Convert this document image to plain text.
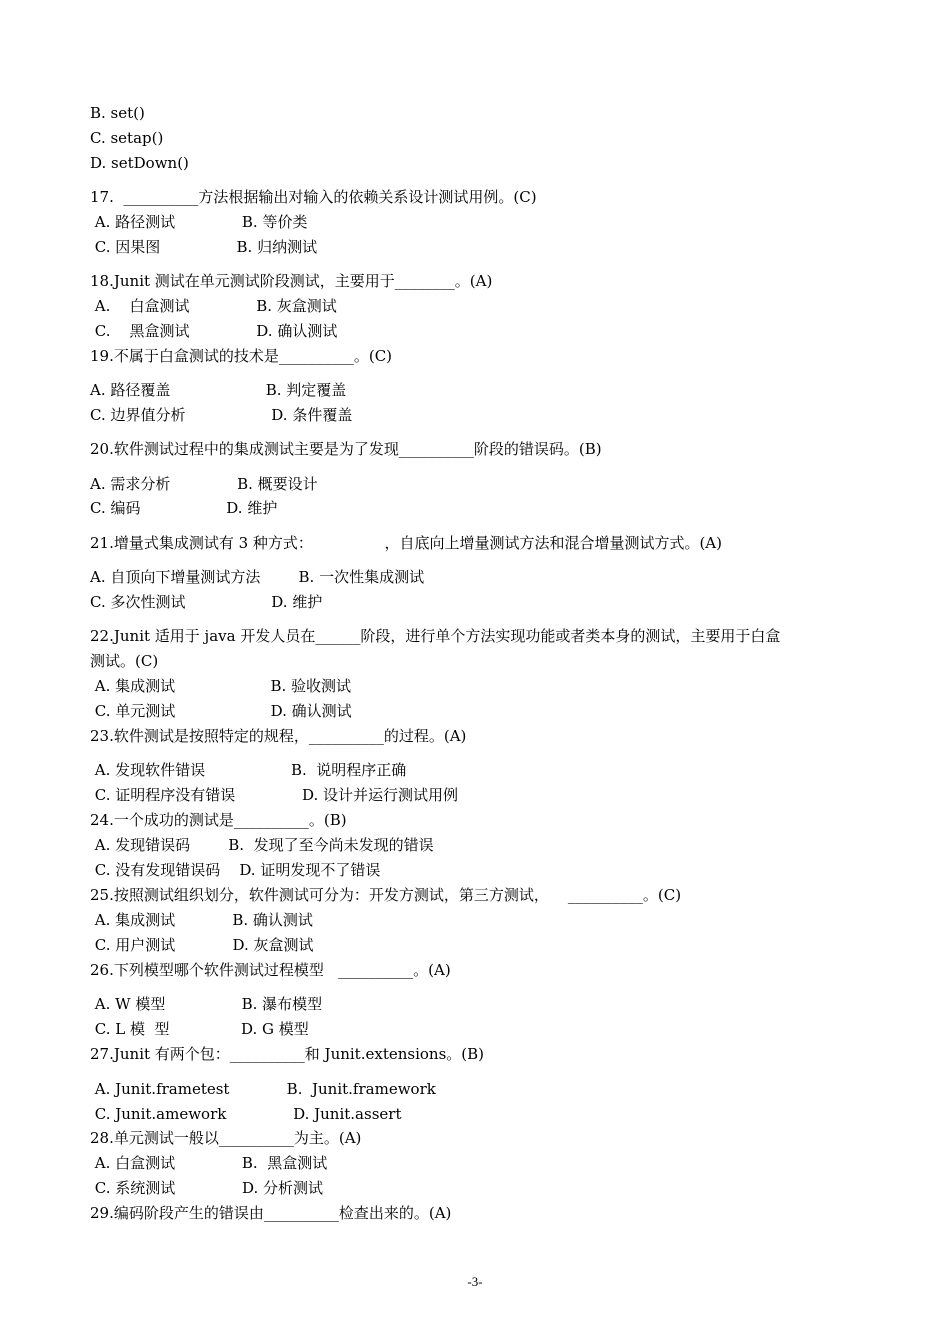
B. set()
C. setap()
D. setDown()
17.  __________方法根据输出对输入的依赖关系设计测试用例。(C)
A. 路径测试              B. 等价类
C. 因果图                B. 归纳测试
18.Junit 测试在单元测试阶段测试，主要用于________。(A)
A.    白盒测试              B. 灰盒测试
C.    黑盒测试              D. 确认测试
19.不属于白盒测试的技术是__________。(C)
A. 路径覆盖                    B. 判定覆盖
C. 边界值分析                  D. 条件覆盖
20.软件测试过程中的集成测试主要是为了发现__________阶段的错误码。(B)
A. 需求分析              B. 概要设计
C. 编码                  D. 维护
21.增量式集成测试有 3 种方式：               ，自底向上增量测试方法和混合增量测试方式。(A)
A. 自顶向下增量测试方法        B. 一次性集成测试
C. 多次性测试                  D. 维护
22.Junit 适用于 java 开发人员在______阶段，进行单个方法实现功能或者类本身的测试，主要用于白盒
测试。(C)
A. 集成测试                    B. 验收测试
C. 单元测试                    D. 确认测试
23.软件测试是按照特定的规程，__________的过程。(A)
A. 发现软件错误                  B.  说明程序正确
C. 证明程序没有错误              D. 设计并运行测试用例
24.一个成功的测试是__________。(B)
A. 发现错误码        B.  发现了至今尚未发现的错误
C. 没有发现错误码    D. 证明发现不了错误
25.按照测试组织划分，软件测试可分为：开发方测试，第三方测试，    __________。(C)
A. 集成测试            B. 确认测试
C. 用户测试            D. 灰盒测试
26.下列模型哪个软件测试过程模型   __________。(A)
A. W 模型                B. 瀑布模型
C. L 模  型               D. G 模型
27.Junit 有两个包：__________和 Junit.extensions。(B)
A. Junit.frametest            B.  Junit.framework
C. Junit.amework              D. Junit.assert
28.单元测试一般以__________为主。(A)
A. 白盒测试              B.  黑盒测试
C. 系统测试              D. 分析测试
29.编码阶段产生的错误由__________检查出来的。(A)
-3-
